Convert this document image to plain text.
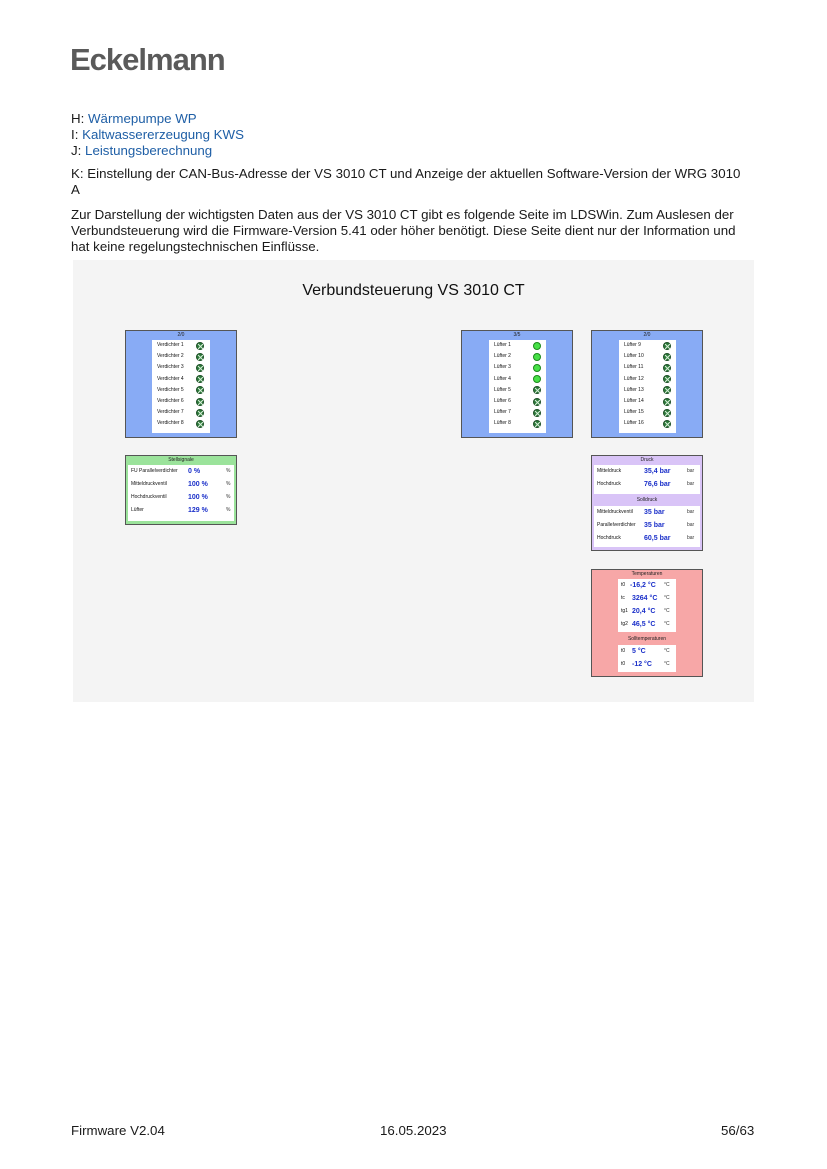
Eckelmann
H: Wärmepumpe WP
I: Kaltwassererzeugung KWS
J: Leistungsberechnung
K: Einstellung der CAN-Bus-Adresse der VS 3010 CT und Anzeige der aktuellen Software-Version der WRG 3010 A
Zur Darstellung der wichtigsten Daten aus der VS 3010 CT gibt es folgende Seite im LDSWin. Zum Auslesen der Verbundsteuerung wird die Firmware-Version 5.41 oder höher benötigt. Diese Seite dient nur der Information und hat keine regelungstechnischen Einflüsse.
Verbundsteuerung VS 3010 CT
2/0
Verdichter 1
Verdichter 2
Verdichter 3
Verdichter 4
Verdichter 5
Verdichter 6
Verdichter 7
Verdichter 8
3/5
Lüfter 1
Lüfter 2
Lüfter 3
Lüfter 4
Lüfter 5
Lüfter 6
Lüfter 7
Lüfter 8
2/0
Lüfter 9
Lüfter 10
Lüfter 11
Lüfter 12
Lüfter 13
Lüfter 14
Lüfter 15
Lüfter 16
Stellsignale
FU Parallelverdichter 0 %	%
Mitteldruckventil	100 %	%
Hochdruckventil	100 %	%
Lüfter	129 %	%
Druck
Mitteldruck	35,4 bar	bar
Hochdruck	76,6 bar	bar
Solldruck
Mitteldruckventil 35 bar	bar
Parallelverdichter 35 bar	bar
Hochdruck	60,5 bar	bar
Temperaturen
t0 -16,2 °C °C
tc 3264 °C °C
tg1 20,4 °C °C
tg2 46,5 °C °C
Solltemperaturen
t0 5 °C	°C
t0 -12 °C °C
Firmware V2.04	16.05.2023	56/63
